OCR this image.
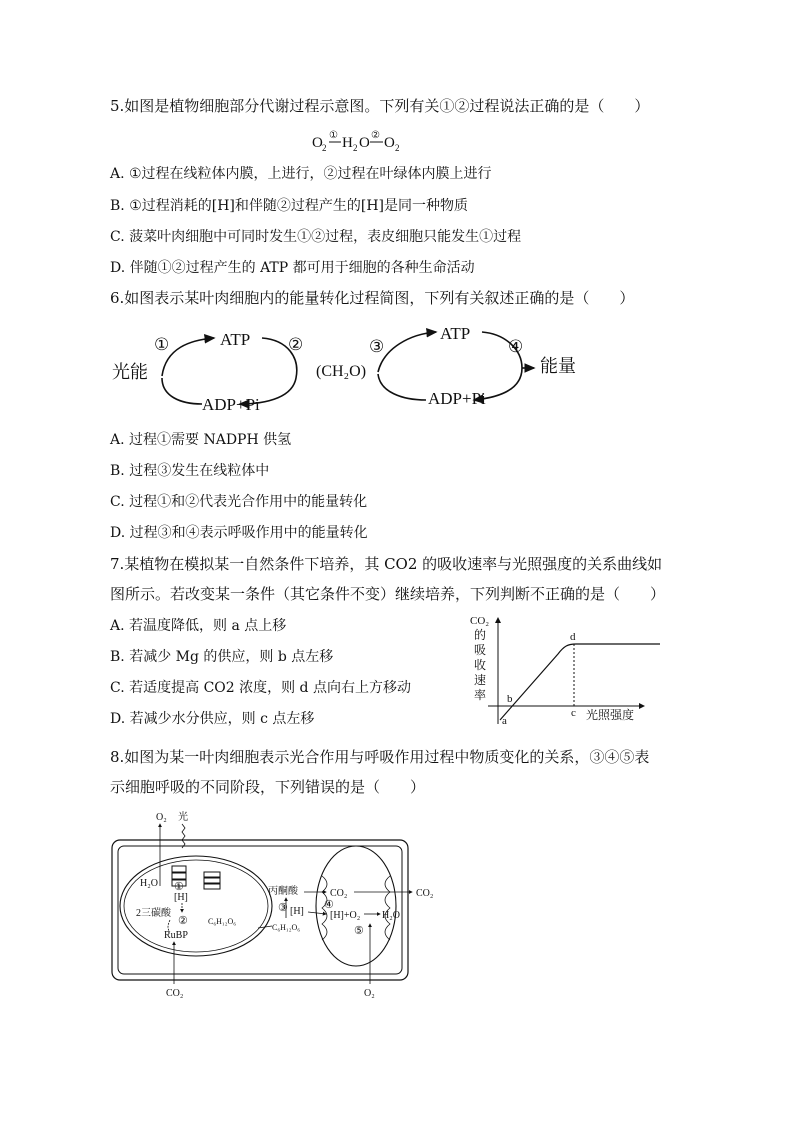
5.如图是植物细胞部分代谢过程示意图。下列有关①②过程说法正确的是（　　）
O 2
① H 2 O ② O 2
A. ①过程在线粒体内膜，上进行，②过程在叶绿体内膜上进行
B. ①过程消耗的[H]和伴随②过程产生的[H]是同一种物质
C. 菠菜叶肉细胞中可同时发生①②过程，表皮细胞只能发生①过程
D. 伴随①②过程产生的 ATP 都可用于细胞的各种生命活动
6.如图表示某叶肉细胞内的能量转化过程简图，下列有关叙述正确的是（　　）
光能
①	ATP ②
ADP+Pi
(CH₂O)
③
ATP
④
ADP+Pi
能量
A. 过程①需要 NADPH 供氢
B. 过程③发生在线粒体中
C. 过程①和②代表光合作用中的能量转化
D. 过程③和④表示呼吸作用中的能量转化
7.某植物在模拟某一自然条件下培养，其 CO2 的吸收速率与光照强度的关系曲线如
图所示。若改变某一条件（其它条件不变）继续培养，下列判断不正确的是（　　）
A. 若温度降低，则 a 点上移
B. 若减少 Mg 的供应，则 b 点左移
C. 若适度提高 CO2 浓度，则 d 点向右上方移动
D. 若减少水分供应，则 c 点左移
CO₂
的
吸
收
速
率
a
b
c
d
光照强度
8.如图为某一叶肉细胞表示光合作用与呼吸作用过程中物质变化的关系，③④⑤表
示细胞呼吸的不同阶段，下列错误的是（　　）
O₂ 光
H₂O
[H]
①
2三碳酸
②	C₆H₁₂O₆
RuBP
CO₂
丙酮酸
③ [H]
C₆H₁₂O₆
④
CO₂	CO₂
[H]+O₂ H₂O
⑤
O₂
